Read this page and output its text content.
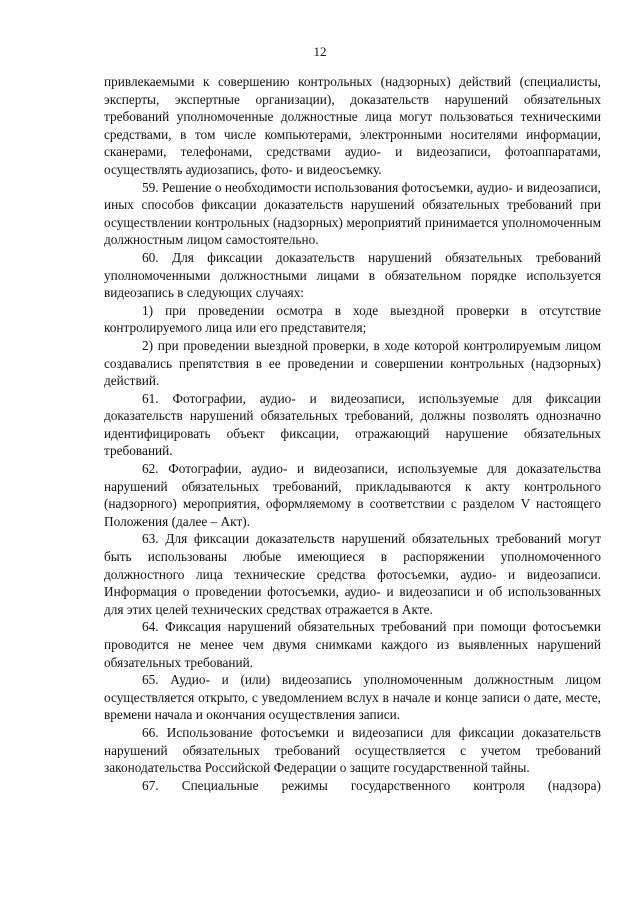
12

привлекаемыми к совершению контрольных (надзорных) действий (специалисты, эксперты, экспертные организации), доказательств нарушений обязательных требований уполномоченные должностные лица могут пользоваться техническими средствами, в том числе компьютерами, электронными носителями информации, сканерами, телефонами, средствами аудио- и видеозаписи, фотоаппаратами, осуществлять аудиозапись, фото- и видеосъемку.

59. Решение о необходимости использования фотосъемки, аудио- и видеозаписи, иных способов фиксации доказательств нарушений обязательных требований при осуществлении контрольных (надзорных) мероприятий принимается уполномоченным должностным лицом самостоятельно.

60. Для фиксации доказательств нарушений обязательных требований уполномоченными должностными лицами в обязательном порядке используется видеозапись в следующих случаях:

1) при проведении осмотра в ходе выездной проверки в отсутствие контролируемого лица или его представителя;

2) при проведении выездной проверки, в ходе которой контролируемым лицом создавались препятствия в ее проведении и совершении контрольных (надзорных) действий.

61. Фотографии, аудио- и видеозаписи, используемые для фиксации доказательств нарушений обязательных требований, должны позволять однозначно идентифицировать объект фиксации, отражающий нарушение обязательных требований.

62. Фотографии, аудио- и видеозаписи, используемые для доказательства нарушений обязательных требований, прикладываются к акту контрольного (надзорного) мероприятия, оформляемому в соответствии с разделом V настоящего Положения (далее – Акт).

63. Для фиксации доказательств нарушений обязательных требований могут быть использованы любые имеющиеся в распоряжении уполномоченного должностного лица технические средства фотосъемки, аудио- и видеозаписи. Информация о проведении фотосъемки, аудио- и видеозаписи и об использованных для этих целей технических средствах отражается в Акте.

64. Фиксация нарушений обязательных требований при помощи фотосъемки проводится не менее чем двумя снимками каждого из выявленных нарушений обязательных требований.

65. Аудио- и (или) видеозапись уполномоченным должностным лицом осуществляется открыто, с уведомлением вслух в начале и конце записи о дате, месте, времени начала и окончания осуществления записи.

66. Использование фотосъемки и видеозаписи для фиксации доказательств нарушений обязательных требований осуществляется с учетом требований законодательства Российской Федерации о защите государственной тайны.

67. Специальные режимы государственного контроля (надзора)
